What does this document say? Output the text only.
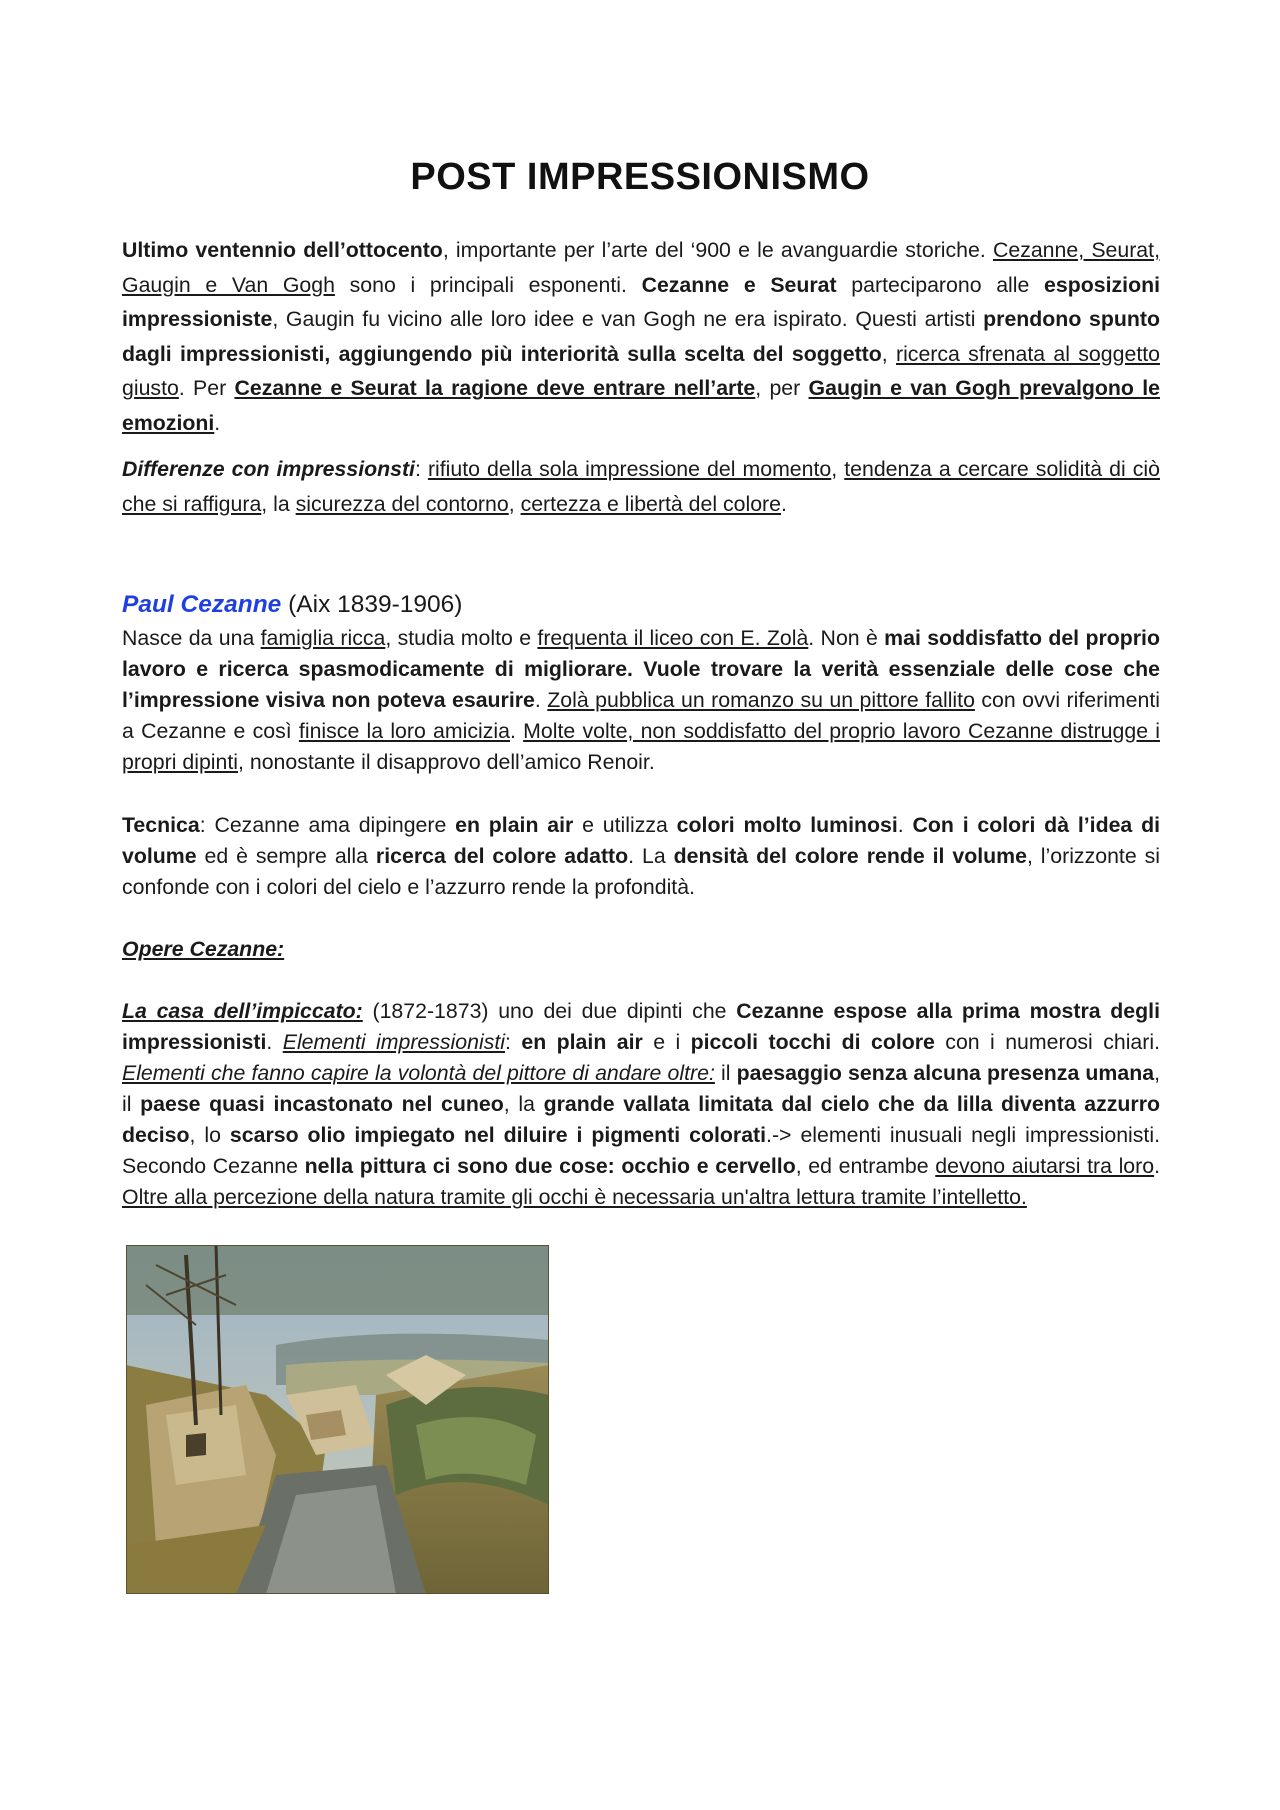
POST IMPRESSIONISMO

Ultimo ventennio dell’ottocento, importante per l’arte del ‘900 e le avanguardie storiche. Cezanne, Seurat, Gaugin e Van Gogh sono i principali esponenti. Cezanne e Seurat parteciparono alle esposizioni impressioniste, Gaugin fu vicino alle loro idee e van Gogh ne era ispirato. Questi artisti prendono spunto dagli impressionisti, aggiungendo più interiorità sulla scelta del soggetto, ricerca sfrenata al soggetto giusto. Per Cezanne e Seurat la ragione deve entrare nell’arte, per Gaugin e van Gogh prevalgono le emozioni.

Differenze con impressionsti: rifiuto della sola impressione del momento, tendenza a cercare solidità di ciò che si raffigura, la sicurezza del contorno, certezza e libertà del colore.

Paul Cezanne (Aix 1839-1906)

Nasce da una famiglia ricca, studia molto e frequenta il liceo con E. Zolà. Non è mai soddisfatto del proprio lavoro e ricerca spasmodicamente di migliorare. Vuole trovare la verità essenziale delle cose che l’impressione visiva non poteva esaurire. Zolà pubblica un romanzo su un pittore fallito con ovvi riferimenti a Cezanne e così finisce la loro amicizia. Molte volte, non soddisfatto del proprio lavoro Cezanne distrugge i propri dipinti, nonostante il disapprovo dell’amico Renoir.

Tecnica: Cezanne ama dipingere en plain air e utilizza colori molto luminosi. Con i colori dà l’idea di volume ed è sempre alla ricerca del colore adatto. La densità del colore rende il volume, l’orizzonte si confonde con i colori del cielo e l’azzurro rende la profondità.

Opere Cezanne:

La casa dell’impiccato: (1872-1873) uno dei due dipinti che Cezanne espose alla prima mostra degli impressionisti. Elementi impressionisti: en plain air e i piccoli tocchi di colore con i numerosi chiari. Elementi che fanno capire la volontà del pittore di andare oltre: il paesaggio senza alcuna presenza umana, il paese quasi incastonato nel cuneo, la grande vallata limitata dal cielo che da lilla diventa azzurro deciso, lo scarso olio impiegato nel diluire i pigmenti colorati.-> elementi inusuali negli impressionisti. Secondo Cezanne nella pittura ci sono due cose: occhio e cervello, ed entrambe devono aiutarsi tra loro. Oltre alla percezione della natura tramite gli occhi è necessaria un'altra lettura tramite l’intelletto.
